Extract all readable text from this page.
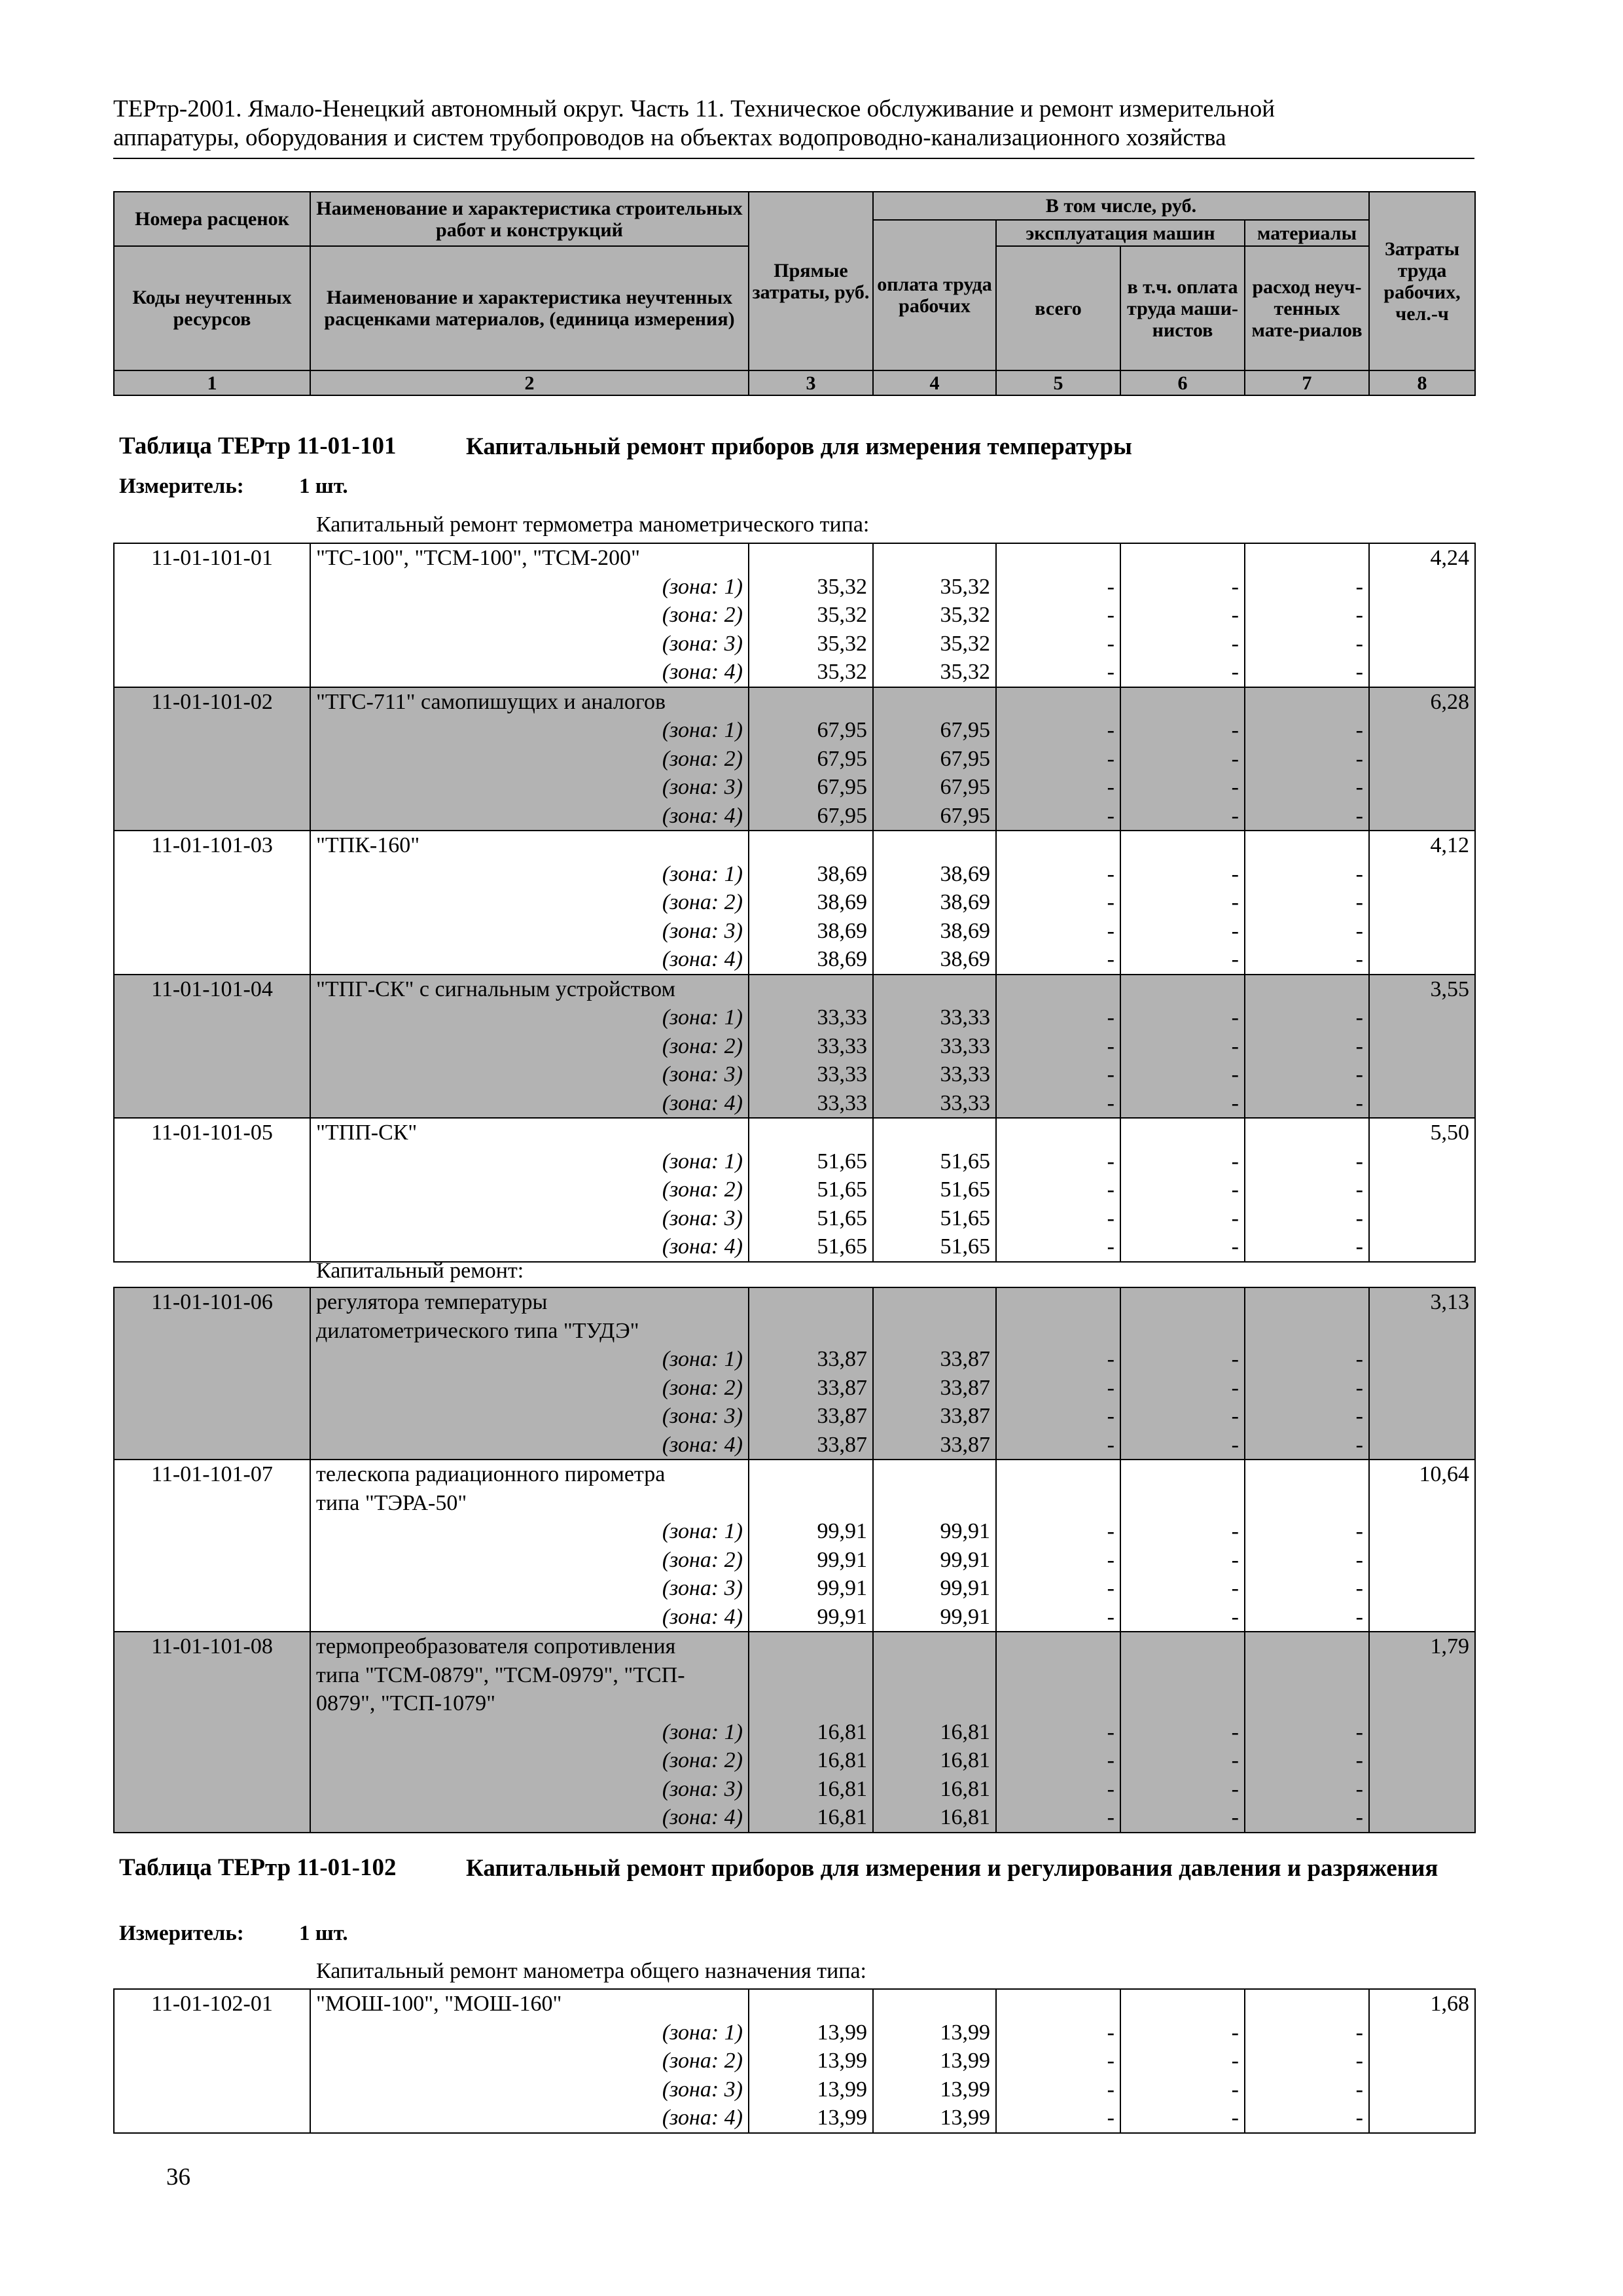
ТЕРтр-2001. Ямало-Ненецкий автономный округ. Часть 11. Техническое обслуживание и ремонт измерительной
аппаратуры, оборудования и систем трубопроводов на объектах водопроводно-канализационного хозяйства
Номера расценок	Наименование и характеристика строительных работ и конструкций	Прямые затраты, руб.	В том числе, руб.				Затраты труда рабочих, чел.-ч
			оплата труда рабочих	эксплуатация машин		материалы	
Коды неучтенных ресурсов	Наименование и характеристика неучтенных расценками материалов, (единица измерения)			всего	в т.ч. оплата труда маши-нистов	расход неуч-тенных мате-риалов	

1	2	3	4	5	6	7	8
Таблица ТЕРтр 11-01-101	Капитальный ремонт приборов для измерения температуры
Измеритель:	1 шт.
Капитальный ремонт термометра манометрического типа:
11-01-101-01	"ТС-100", "ТСМ-100", "ТСМ-200"						4,24
	(зона: 1)	35,32	35,32	-	-	-	
	(зона: 2)	35,32	35,32	-	-	-	
	(зона: 3)	35,32	35,32	-	-	-	
	(зона: 4)	35,32	35,32	-	-	-	
11-01-101-02	"ТГС-711" самопишущих и аналогов						6,28
	(зона: 1)	67,95	67,95	-	-	-	
	(зона: 2)	67,95	67,95	-	-	-	
	(зона: 3)	67,95	67,95	-	-	-	
	(зона: 4)	67,95	67,95	-	-	-	
11-01-101-03	"ТПК-160"						4,12
	(зона: 1)	38,69	38,69	-	-	-	
	(зона: 2)	38,69	38,69	-	-	-	
	(зона: 3)	38,69	38,69	-	-	-	
	(зона: 4)	38,69	38,69	-	-	-	
11-01-101-04	"ТПГ-СК" с сигнальным устройством						3,55
	(зона: 1)	33,33	33,33	-	-	-	
	(зона: 2)	33,33	33,33	-	-	-	
	(зона: 3)	33,33	33,33	-	-	-	
	(зона: 4)	33,33	33,33	-	-	-	
11-01-101-05	"ТПП-СК"						5,50
	(зона: 1)	51,65	51,65	-	-	-	
	(зона: 2)	51,65	51,65	-	-	-	
	(зона: 3)	51,65	51,65	-	-	-	
	(зона: 4)	51,65	51,65	-	-	-	
Капитальный ремонт:
11-01-101-06	регулятора температуры						3,13
	дилатометрического типа "ТУДЭ"						
	(зона: 1)	33,87	33,87	-	-	-	
	(зона: 2)	33,87	33,87	-	-	-	
	(зона: 3)	33,87	33,87	-	-	-	
	(зона: 4)	33,87	33,87	-	-	-	
11-01-101-07	телескопа радиационного пирометра						10,64
	типа "ТЭРА-50"						
	(зона: 1)	99,91	99,91	-	-	-	
	(зона: 2)	99,91	99,91	-	-	-	
	(зона: 3)	99,91	99,91	-	-	-	
	(зона: 4)	99,91	99,91	-	-	-	
11-01-101-08	термопреобразователя сопротивления						1,79
	типа "ТСМ-0879", "ТСМ-0979", "ТСП-						
	0879", "ТСП-1079"						
	(зона: 1)	16,81	16,81	-	-	-	
	(зона: 2)	16,81	16,81	-	-	-	
	(зона: 3)	16,81	16,81	-	-	-	
	(зона: 4)	16,81	16,81	-	-	-	
Таблица ТЕРтр 11-01-102	Капитальный ремонт приборов для измерения и регулирования давления и разряжения
Измеритель:	1 шт.
Капитальный ремонт манометра общего назначения типа:
11-01-102-01	"МОШ-100", "МОШ-160"						1,68
	(зона: 1)	13,99	13,99	-	-	-	
	(зона: 2)	13,99	13,99	-	-	-	
	(зона: 3)	13,99	13,99	-	-	-	
	(зона: 4)	13,99	13,99	-	-	-	
36
